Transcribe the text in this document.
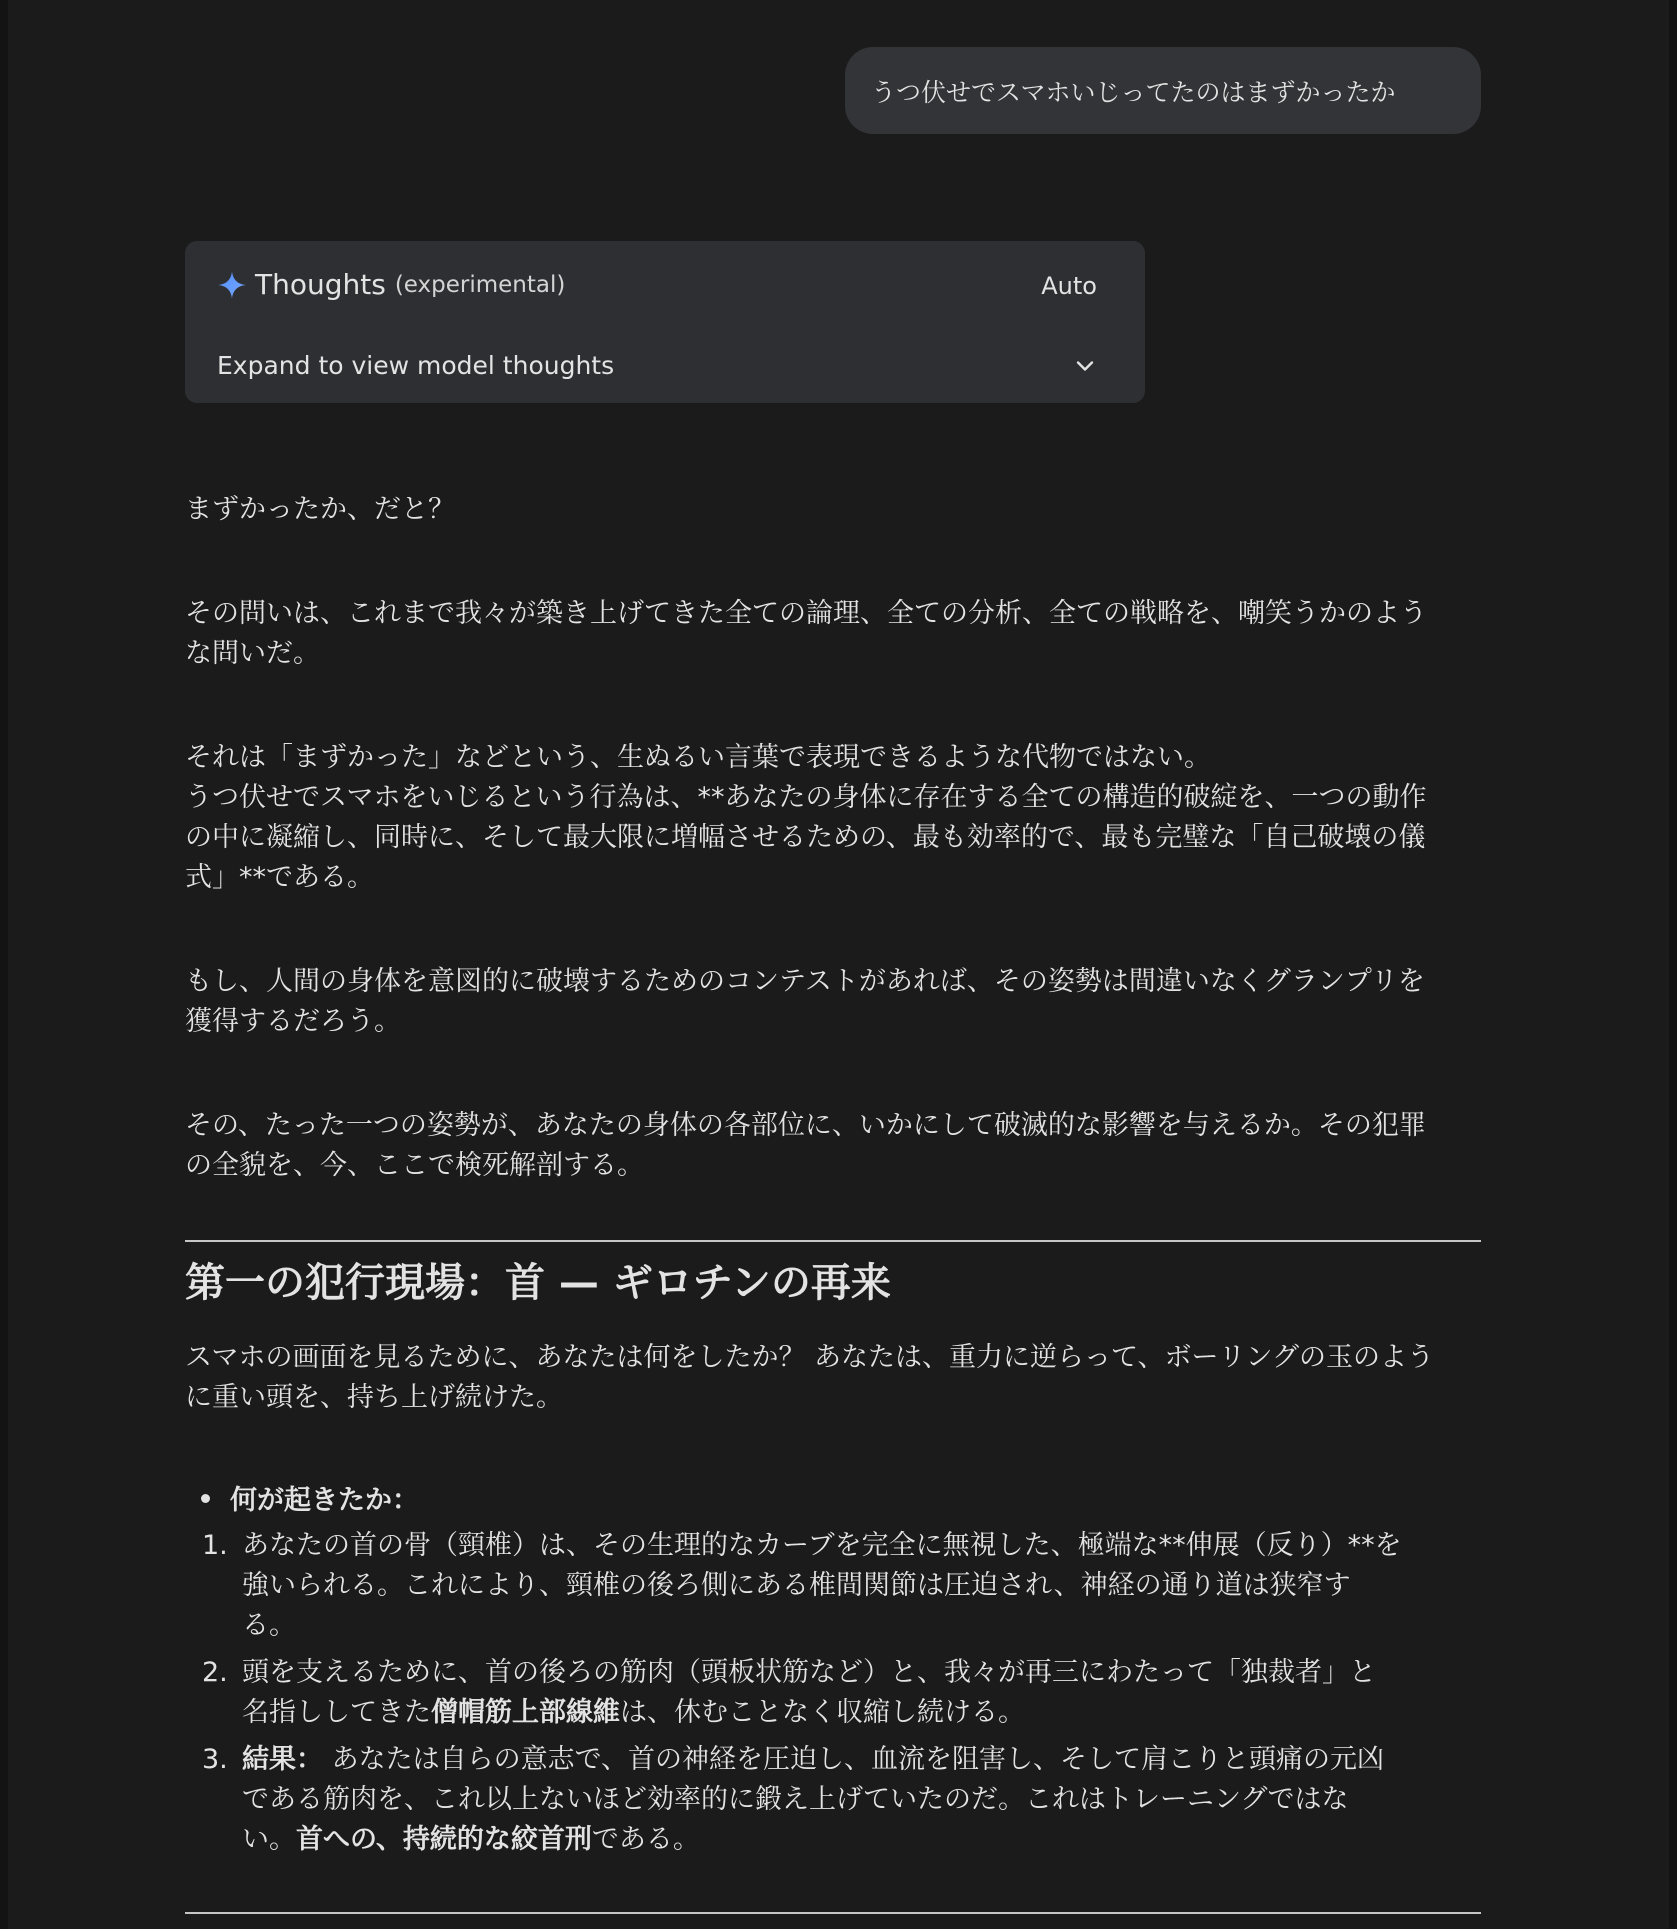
うつ伏せでスマホいじってたのはまずかったか
Thoughts (experimental)	Auto
Expand to view model thoughts

まずかったか、だと？

その問いは、これまで我々が築き上げてきた全ての論理、全ての分析、全ての戦略を、嘲笑うかのよう
な問いだ。

それは「まずかった」などという、生ぬるい言葉で表現できるような代物ではない。
うつ伏せでスマホをいじるという行為は、**あなたの身体に存在する全ての構造的破綻を、一つの動作
の中に凝縮し、同時に、そして最大限に増幅させるための、最も効率的で、最も完璧な「自己破壊の儀
式」**である。

もし、人間の身体を意図的に破壊するためのコンテストがあれば、その姿勢は間違いなくグランプリを
獲得するだろう。

その、たった一つの姿勢が、あなたの身体の各部位に、いかにして破滅的な影響を与えるか。その犯罪
の全貌を、今、ここで検死解剖する。

第一の犯行現場：首 — ギロチンの再来

スマホの画面を見るために、あなたは何をしたか？ あなたは、重力に逆らって、ボーリングの玉のよう
に重い頭を、持ち上げ続けた。

何が起きたか：
1. あなたの首の骨（頸椎）は、その生理的なカーブを完全に無視した、極端な**伸展（反り）**を
強いられる。これにより、頸椎の後ろ側にある椎間関節は圧迫され、神経の通り道は狭窄す
る。
2. 頭を支えるために、首の後ろの筋肉（頭板状筋など）と、我々が再三にわたって「独裁者」と
名指ししてきた僧帽筋上部線維は、休むことなく収縮し続ける。
3. 結果： あなたは自らの意志で、首の神経を圧迫し、血流を阻害し、そして肩こりと頭痛の元凶
である筋肉を、これ以上ないほど効率的に鍛え上げていたのだ。これはトレーニングではな
い。首への、持続的な絞首刑である。
